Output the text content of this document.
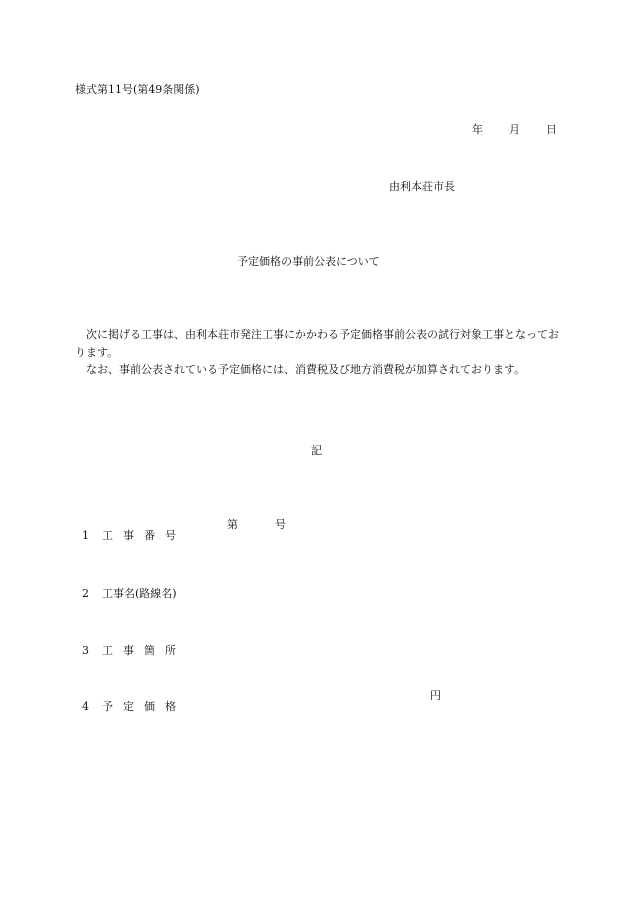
様式第11号(第49条関係)
年 月 日
由利本荘市長
予定価格の事前公表について

次に掲げる工事は、由利本荘市発注工事にかかわる予定価格事前公表の試行対象工事となっております。

なお、事前公表されている予定価格には、消費税及び地方消費税が加算されております。

記

1 工事番号

第	号

2 工事名(路線名)

3 工事箇所

4 予定価格

円
